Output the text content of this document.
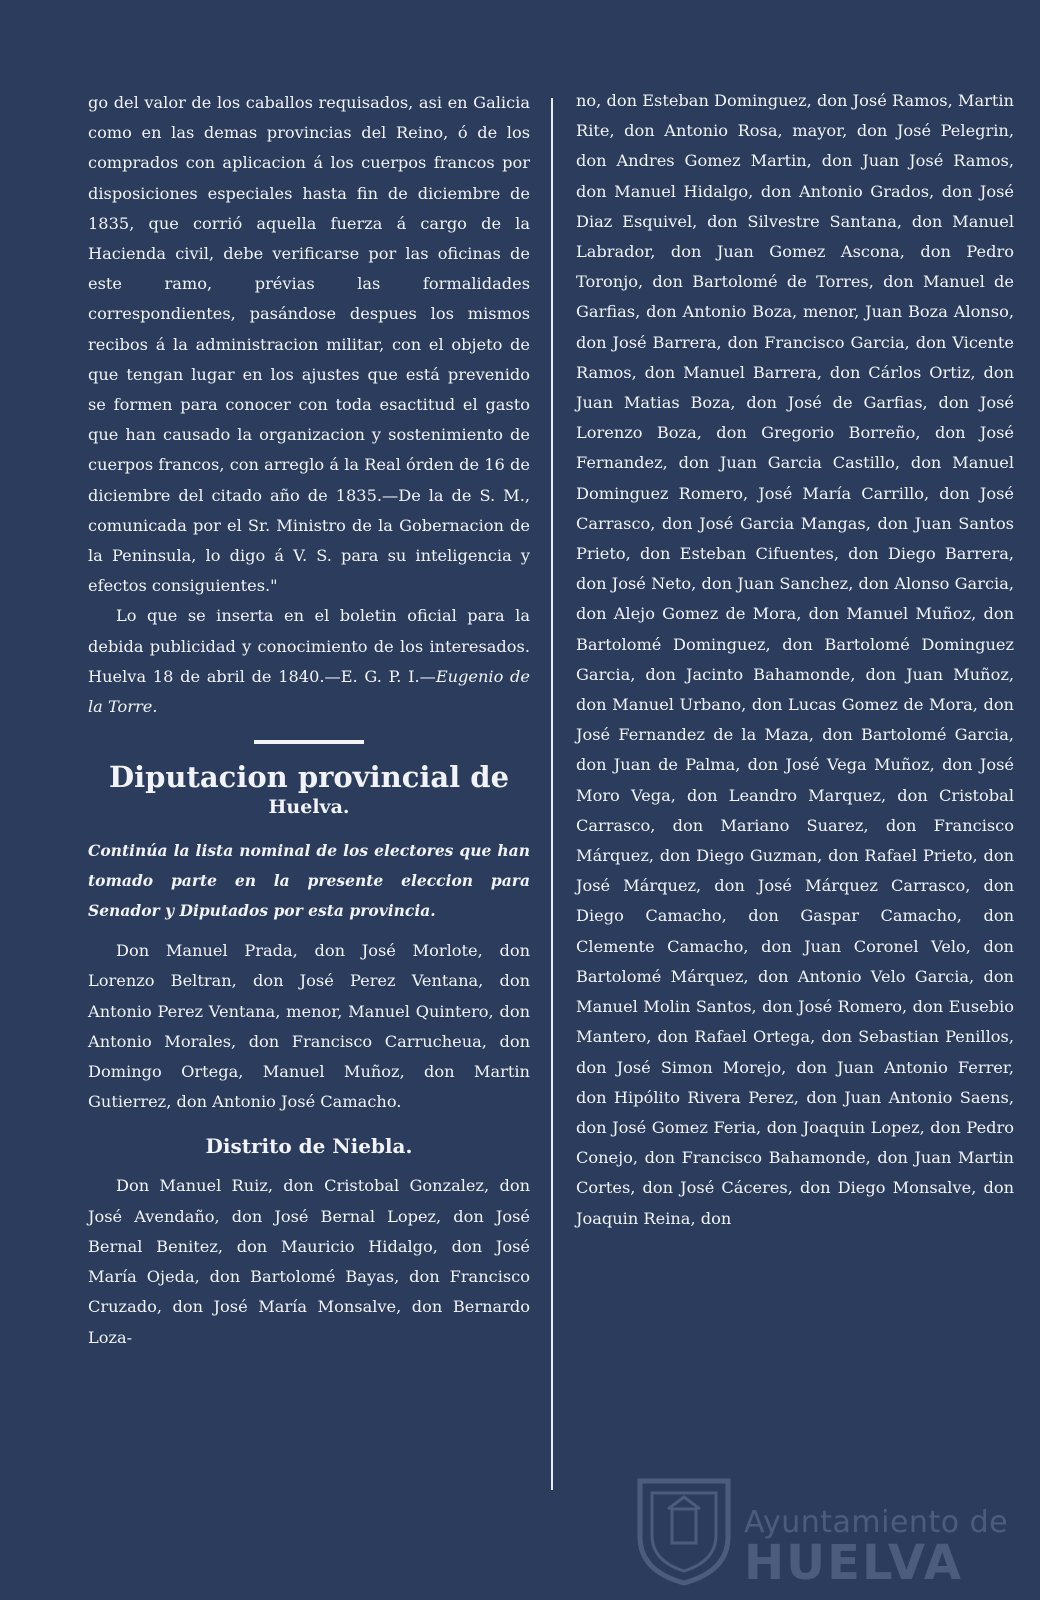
go del valor de los caballos requisados, asi en Galicia como en las demas provincias del Reino, ó de los comprados con aplicacion á los cuerpos francos por disposiciones especiales hasta fin de diciembre de 1835, que corrió aquella fuerza á cargo de la Hacienda civil, debe verificarse por las oficinas de este ramo, prévias las formalidades correspondientes, pasándose despues los mismos recibos á la administracion militar, con el objeto de que tengan lugar en los ajustes que está prevenido se formen para conocer con toda esactitud el gasto que han causado la organizacion y sostenimiento de cuerpos francos, con arreglo á la Real órden de 16 de diciembre del citado año de 1835.—De la de S. M., comunicada por el Sr. Ministro de la Gobernacion de la Peninsula, lo digo á V. S. para su inteligencia y efectos consiguientes."

Lo que se inserta en el boletin oficial para la debida publicidad y conocimiento de los interesados. Huelva 18 de abril de 1840.—E. G. P. I.—Eugenio de la Torre.

Diputacion provincial de

Huelva.

Continúa la lista nominal de los electores que han tomado parte en la presente eleccion para Senador y Diputados por esta provincia.

Don Manuel Prada, don José Morlote, don Lorenzo Beltran, don José Perez Ventana, don Antonio Perez Ventana, menor, Manuel Quintero, don Antonio Morales, don Francisco Carrucheua, don Domingo Ortega, Manuel Muñoz, don Martin Gutierrez, don Antonio José Camacho.

Distrito de Niebla.

Don Manuel Ruiz, don Cristobal Gonzalez, don José Avendaño, don José Bernal Lopez, don José Bernal Benitez, don Mauricio Hidalgo, don José María Ojeda, don Bartolomé Bayas, don Francisco Cruzado, don José María Monsalve, don Bernardo Loza-

no, don Esteban Dominguez, don José Ramos, Martin Rite, don Antonio Rosa, mayor, don José Pelegrin, don Andres Gomez Martin, don Juan José Ramos, don Manuel Hidalgo, don Antonio Grados, don José Diaz Esquivel, don Silvestre Santana, don Manuel Labrador, don Juan Gomez Ascona, don Pedro Toronjo, don Bartolomé de Torres, don Manuel de Garfias, don Antonio Boza, menor, Juan Boza Alonso, don José Barrera, don Francisco Garcia, don Vicente Ramos, don Manuel Barrera, don Cárlos Ortiz, don Juan Matias Boza, don José de Garfias, don José Lorenzo Boza, don Gregorio Borreño, don José Fernandez, don Juan Garcia Castillo, don Manuel Dominguez Romero, José María Carrillo, don José Carrasco, don José Garcia Mangas, don Juan Santos Prieto, don Esteban Cifuentes, don Diego Barrera, don José Neto, don Juan Sanchez, don Alonso Garcia, don Alejo Gomez de Mora, don Manuel Muñoz, don Bartolomé Dominguez, don Bartolomé Dominguez Garcia, don Jacinto Bahamonde, don Juan Muñoz, don Manuel Urbano, don Lucas Gomez de Mora, don José Fernandez de la Maza, don Bartolomé Garcia, don Juan de Palma, don José Vega Muñoz, don José Moro Vega, don Leandro Marquez, don Cristobal Carrasco, don Mariano Suarez, don Francisco Márquez, don Diego Guzman, don Rafael Prieto, don José Márquez, don José Márquez Carrasco, don Diego Camacho, don Gaspar Camacho, don Clemente Camacho, don Juan Coronel Velo, don Bartolomé Márquez, don Antonio Velo Garcia, don Manuel Molin Santos, don José Romero, don Eusebio Mantero, don Rafael Ortega, don Sebastian Penillos, don José Simon Morejo, don Juan Antonio Ferrer, don Hipólito Rivera Perez, don Juan Antonio Saens, don José Gomez Feria, don Joaquin Lopez, don Pedro Conejo, don Francisco Bahamonde, don Juan Martin Cortes, don José Cáceres, don Diego Monsalve, don Joaquin Reina, don

Ayuntamiento de
HUELVA
